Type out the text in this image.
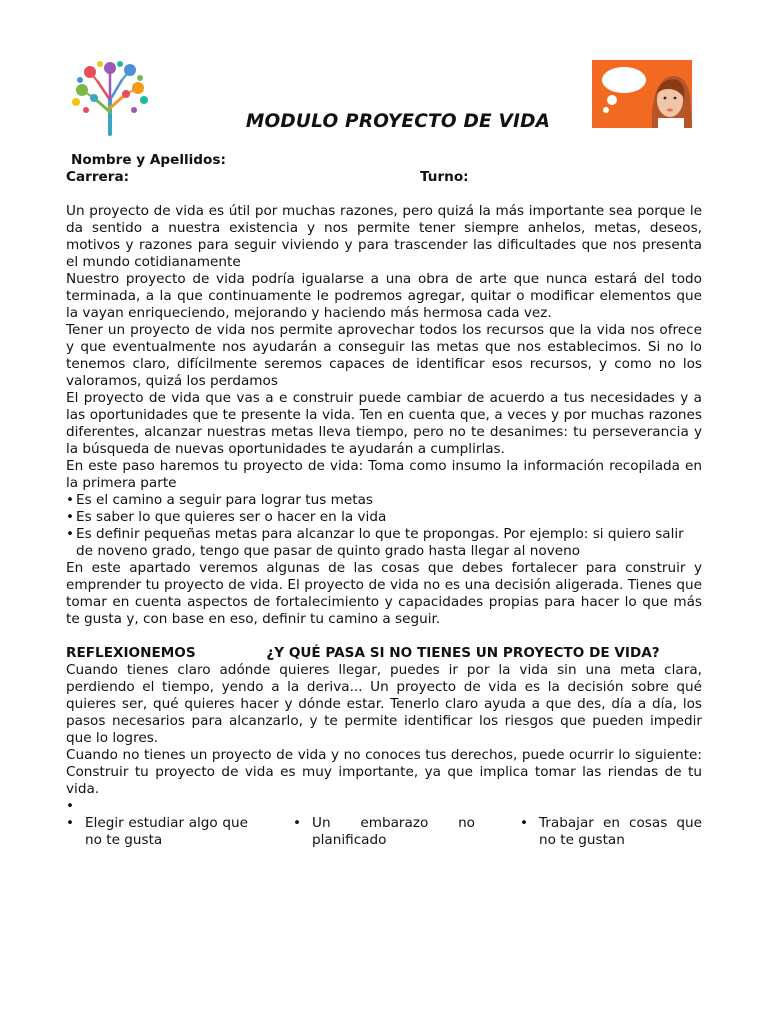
MODULO PROYECTO DE VIDA
Nombre y Apellidos:
Carrera:	Turno:

Un proyecto de vida es útil por muchas razones, pero quizá la más importante sea porque le da sentido a nuestra existencia y nos permite tener siempre anhelos, metas, deseos, motivos y razones para seguir viviendo y para trascender las dificultades que nos presenta el mundo cotidianamente

Nuestro proyecto de vida podría igualarse a una obra de arte que nunca estará del todo terminada, a la que continuamente le podremos agregar, quitar o modificar elementos que la vayan enriqueciendo, mejorando y haciendo más hermosa cada vez.

Tener un proyecto de vida nos permite aprovechar todos los recursos que la vida nos ofrece y que eventualmente nos ayudarán a conseguir las metas que nos establecimos. Si no lo tenemos claro, difícilmente seremos capaces de identificar esos recursos, y como no los valoramos, quizá los perdamos

El proyecto de vida que vas a e construir puede cambiar de acuerdo a tus necesidades y a las oportunidades que te presente la vida. Ten en cuenta que, a veces y por muchas razones diferentes, alcanzar nuestras metas lleva tiempo, pero no te desanimes: tu perseverancia y la búsqueda de nuevas oportunidades te ayudarán a cumplirlas.

En este paso haremos tu proyecto de vida: Toma como insumo la información recopilada en la primera parte

• Es el camino a seguir para lograr tus metas
• Es saber lo que quieres ser o hacer en la vida
• Es definir pequeñas metas para alcanzar lo que te propongas. Por ejemplo: si quiero salir de noveno grado, tengo que pasar de quinto grado hasta llegar al noveno

En este apartado veremos algunas de las cosas que debes fortalecer para construir y emprender tu proyecto de vida. El proyecto de vida no es una decisión aligerada. Tienes que tomar en cuenta aspectos de fortalecimiento y capacidades propias para hacer lo que más te gusta y, con base en eso, definir tu camino a seguir.

REFLEXIONEMOS	¿Y QUÉ PASA SI NO TIENES UN PROYECTO DE VIDA?

Cuando tienes claro adónde quieres llegar, puedes ir por la vida sin una meta clara, perdiendo el tiempo, yendo a la deriva... Un proyecto de vida es la decisión sobre qué quieres ser, qué quieres hacer y dónde estar. Tenerlo claro ayuda a que des, día a día, los pasos necesarios para alcanzarlo, y te permite identificar los riesgos que pueden impedir que lo logres.

Cuando no tienes un proyecto de vida y no conoces tus derechos, puede ocurrir lo siguiente: Construir tu proyecto de vida es muy importante, ya que implica tomar las riendas de tu vida.

•
• Elegir estudiar algo que no te gusta
• Un embarazo no planificado
• Trabajar en cosas que no te gustan
